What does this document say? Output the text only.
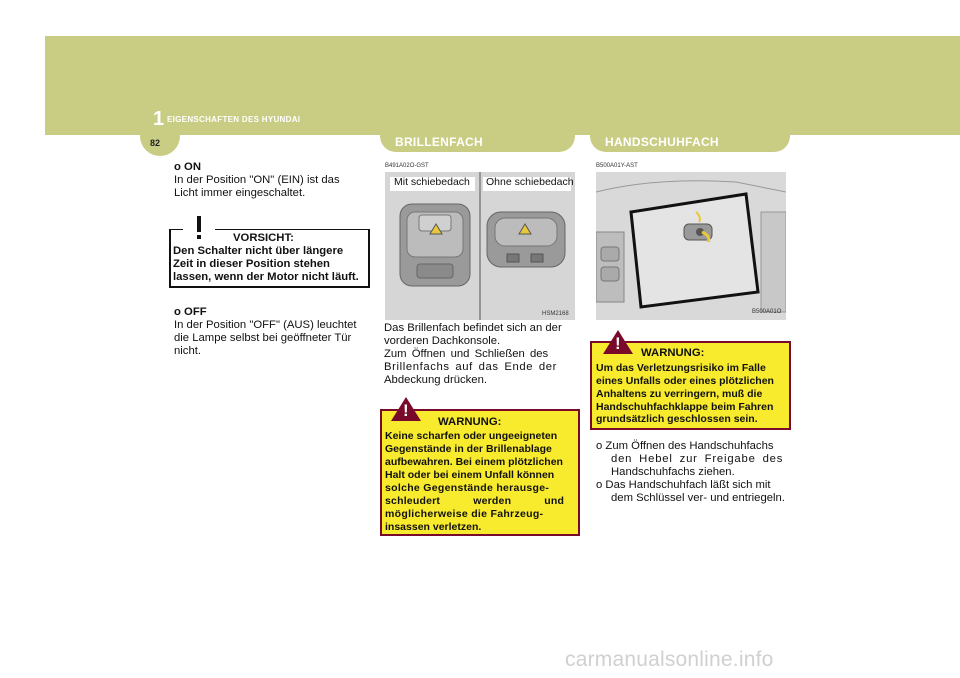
1 EIGENSCHAFTEN DES HYUNDAI
82	BRILLENFACH	HANDSCHUHFACH
o ON
In der Position "ON" (EIN) ist das
Licht immer eingeschaltet.
VORSICHT:
Den Schalter nicht über längere
Zeit in dieser Position stehen
lassen, wenn der Motor nicht läuft.
o OFF
In der Position "OFF" (AUS) leuchtet
die Lampe selbst bei geöffneter Tür
nicht.
B491A02O-GST
Mit schiebedach Ohne schiebedach
HSM2168
Das Brillenfach befindet sich an der
vorderen Dachkonsole.
Zum Öffnen und Schließen des
Brillenfachs auf das Ende der
Abdeckung drücken.
!
WARNUNG:
Keine scharfen oder ungeeigneten
Gegenstände in der Brillenablage
aufbewahren. Bei einem plötzlichen
Halt oder bei einem Unfall können
solche Gegenstände herausge-
schleudert werden und
möglicherweise die Fahrzeug-
insassen verletzen.
B500A01Y-AST
B500A01O
! WARNUNG:
Um das Verletzungsrisiko im Falle
eines Unfalls oder eines plötzlichen
Anhaltens zu verringern, muß die
Handschuhfachklappe beim Fahren
grundsätzlich geschlossen sein.
o Zum Öffnen des Handschuhfachs
den Hebel zur Freigabe des
Handschuhfachs ziehen.
o Das Handschuhfach läßt sich mit
dem Schlüssel ver- und entriegeln.
carmanualsonline.info
